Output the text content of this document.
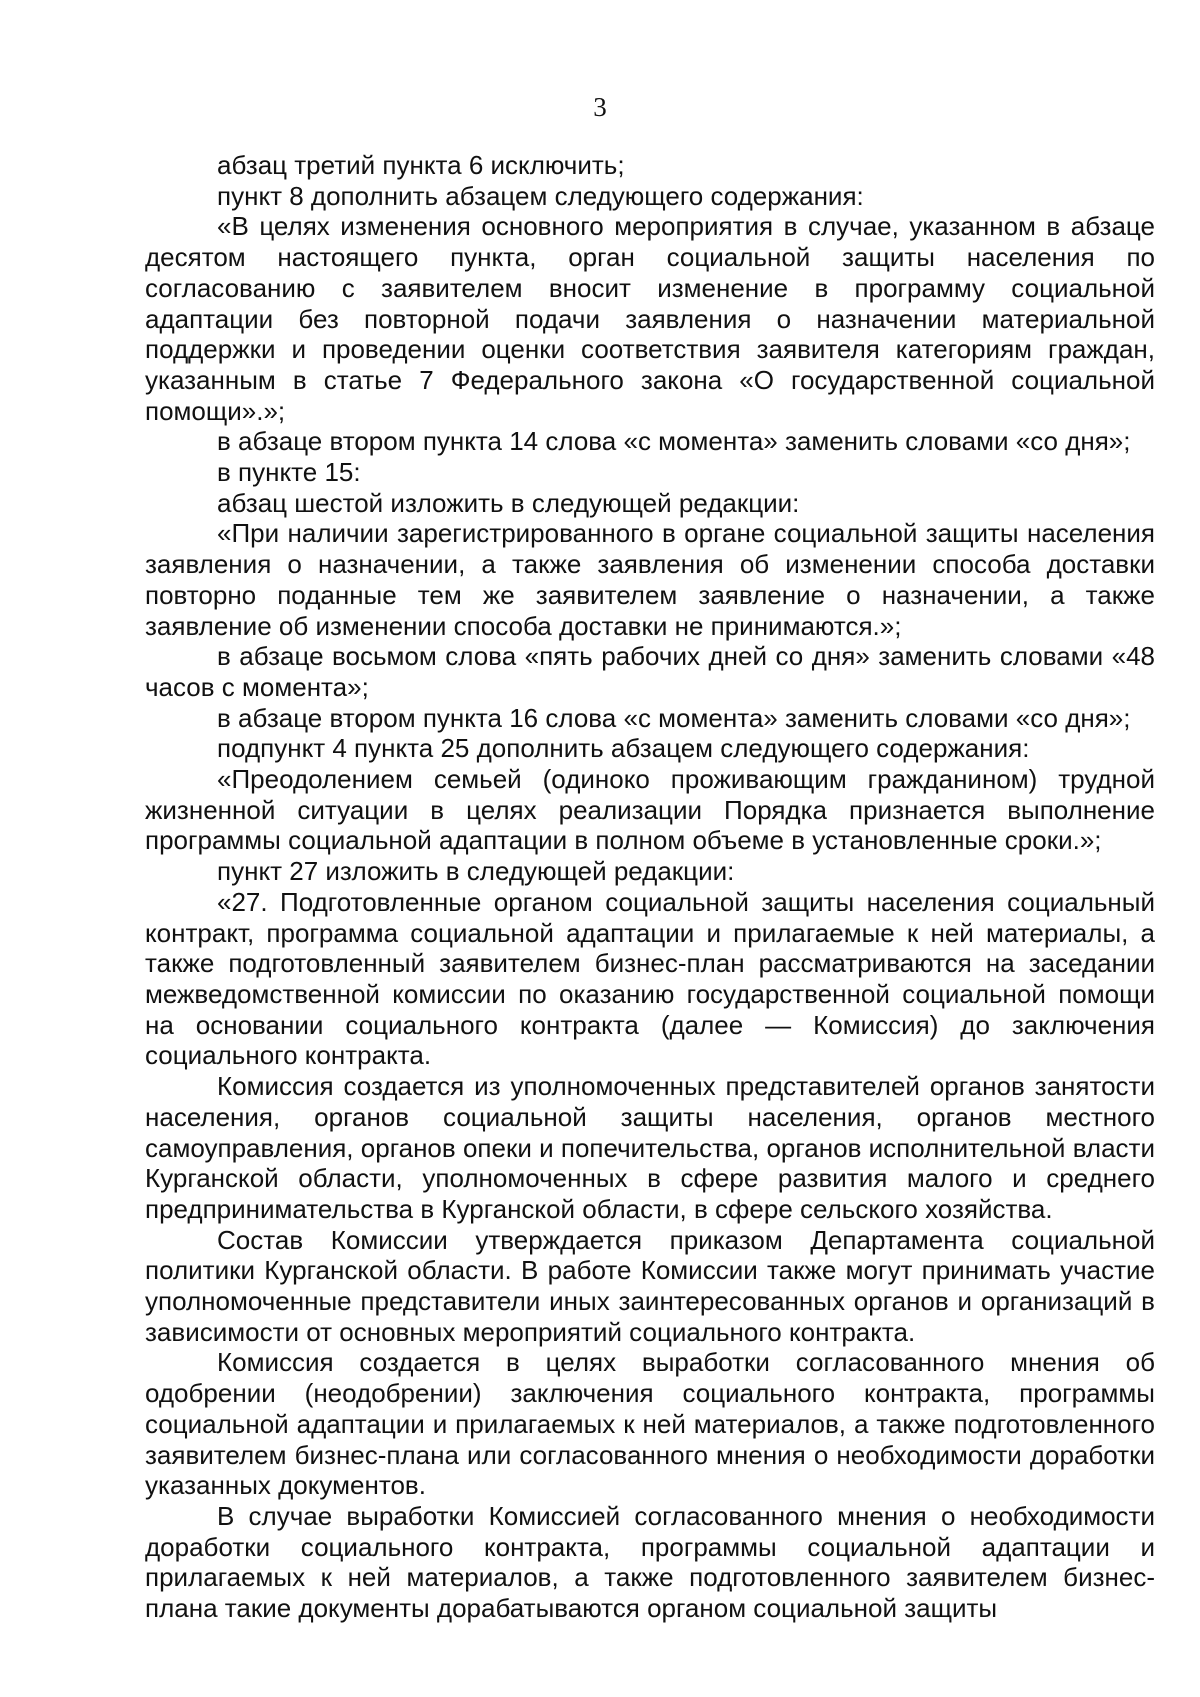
3

абзац третий пункта 6 исключить;

пункт 8 дополнить абзацем следующего содержания:

«В целях изменения основного мероприятия в случае, указанном в абзаце десятом настоящего пункта, орган социальной защиты населения по согласованию с заявителем вносит изменение в программу социальной адаптации без повторной подачи заявления о назначении материальной поддержки и проведении оценки соответствия заявителя категориям граждан, указанным в статье 7 Федерального закона «О государственной социальной помощи».»;

в абзаце втором пункта 14 слова «с момента» заменить словами «со дня»;

в пункте 15:

абзац шестой изложить в следующей редакции:

«При наличии зарегистрированного в органе социальной защиты населения заявления о назначении, а также заявления об изменении способа доставки повторно поданные тем же заявителем заявление о назначении, а также заявление об изменении способа доставки не принимаются.»;

в абзаце восьмом слова «пять рабочих дней со дня» заменить словами «48 часов с момента»;

в абзаце втором пункта 16 слова «с момента» заменить словами «со дня»;

подпункт 4 пункта 25 дополнить абзацем следующего содержания:

«Преодолением семьей (одиноко проживающим гражданином) трудной жизненной ситуации в целях реализации Порядка признается выполнение программы социальной адаптации в полном объеме в установленные сроки.»;

пункт 27 изложить в следующей редакции:

«27. Подготовленные органом социальной защиты населения социальный контракт, программа социальной адаптации и прилагаемые к ней материалы, а также подготовленный заявителем бизнес-план рассматриваются на заседании межведомственной комиссии по оказанию государственной социальной помощи на основании социального контракта (далее — Комиссия) до заключения социального контракта.

Комиссия создается из уполномоченных представителей органов занятости населения, органов социальной защиты населения, органов местного самоуправления, органов опеки и попечительства, органов исполнительной власти Курганской области, уполномоченных в сфере развития малого и среднего предпринимательства в Курганской области, в сфере сельского хозяйства.

Состав Комиссии утверждается приказом Департамента социальной политики Курганской области. В работе Комиссии также могут принимать участие уполномоченные представители иных заинтересованных органов и организаций в зависимости от основных мероприятий социального контракта.

Комиссия создается в целях выработки согласованного мнения об одобрении (неодобрении) заключения социального контракта, программы социальной адаптации и прилагаемых к ней материалов, а также подготовленного заявителем бизнес-плана или согласованного мнения о необходимости доработки указанных документов.

В случае выработки Комиссией согласованного мнения о необходимости доработки социального контракта, программы социальной адаптации и прилагаемых к ней материалов, а также подготовленного заявителем бизнес-плана такие документы дорабатываются органом социальной защиты
